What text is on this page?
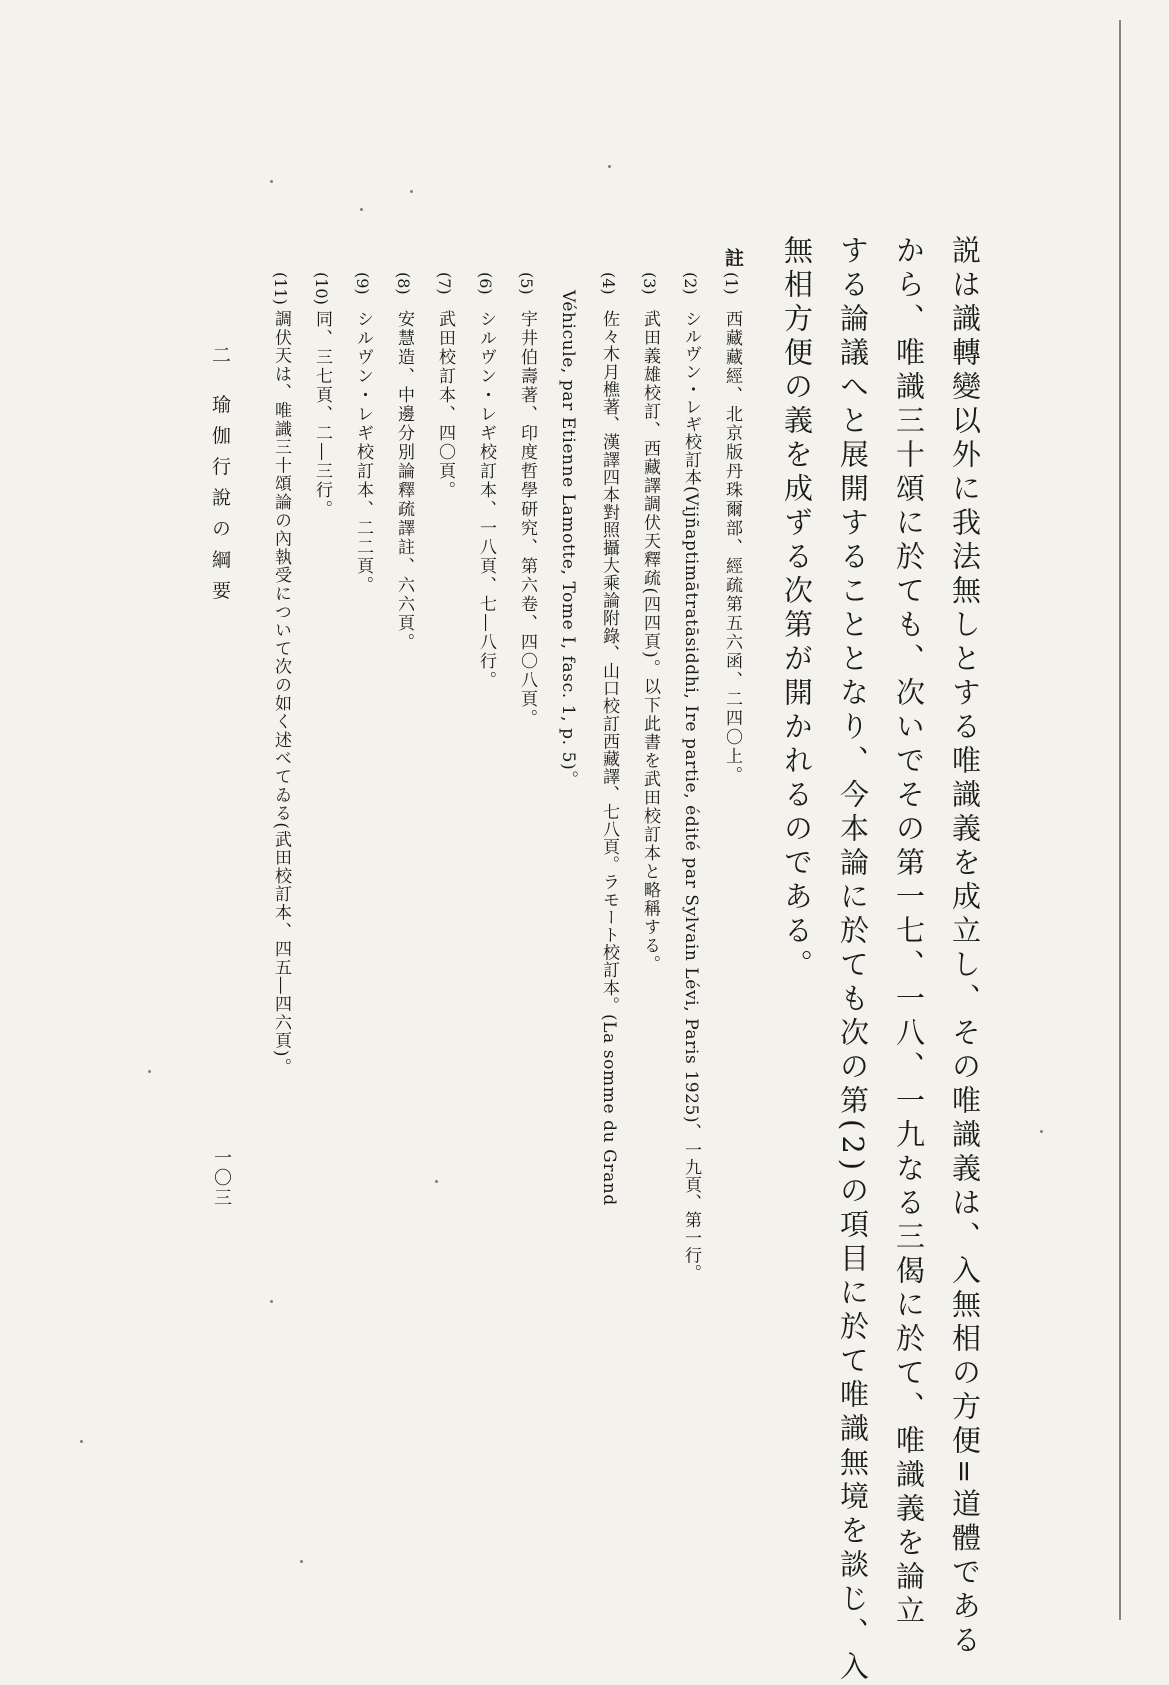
説は識轉變以外に我法無しとする唯識義を成立し、その唯識義は、入無相の方便=道體である
から、唯識三十頌に於ても、次いでその第一七、一八、一九なる三偈に於て、唯識義を論立
する論議へと展開することとなり、今本論に於ても次の第(2)の項目に於て唯識無境を談じ、入
無相方便の義を成ずる次第が開かれるのである。
註
(1)
西藏藏經、北京版丹珠爾部、經疏第五六函、二四〇上。
(2)
シルヴン・レギ校訂本(Vijñaptimātratāsiddhi, Ire partie, édité par Sylvain Lévi, Paris 1925)、一九頁、第一行。
(3)
武田義雄校訂、西藏譯調伏天釋疏(四四頁)。以下此書を武田校訂本と略稱する。
(4)
佐々木月樵著、漢譯四本對照攝大乘論附錄、山口校訂西藏譯、七八頁。ラモート校訂本。(La somme du Grand
Véhicule, par Etienne Lamotte, Tome I, fasc. 1, p. 5)。
(5)
宇井伯壽著、印度哲學研究、第六卷、四〇八頁。
(6)
シルヴン・レギ校訂本、一八頁、七―八行。
(7)
武田校訂本、四〇頁。
(8)
安慧造、中邊分別論釋疏譯註、六六頁。
(9)
シルヴン・レギ校訂本、二二頁。
(10)
同、三七頁、二―三行。
(11)
調伏天は、唯識三十頌論の內執受について次の如く述べてゐる(武田校訂本、四五―四六頁)。
二 瑜伽行說の綱要
一〇三
